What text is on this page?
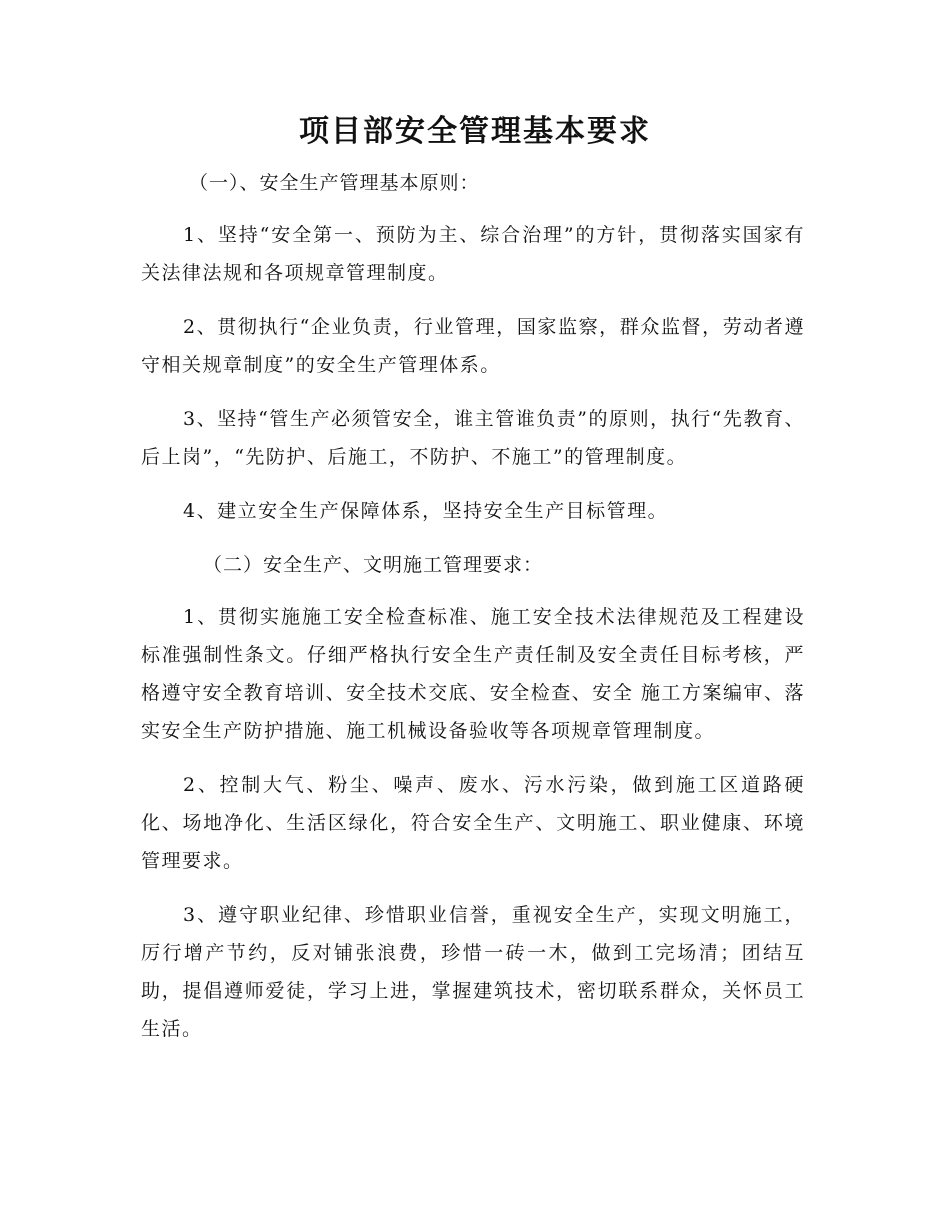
项目部安全管理基本要求

（一）、安全生产管理基本原则：

1、坚持“安全第一、预防为主、综合治理”的方针，贯彻落实国家有关法律法规和各项规章管理制度。

2、贯彻执行“企业负责，行业管理，国家监察，群众监督，劳动者遵守相关规章制度”的安全生产管理体系。

3、坚持“管生产必须管安全，谁主管谁负责”的原则，执行“先教育、后上岗”，“先防护、后施工，不防护、不施工”的管理制度。

4、建立安全生产保障体系，坚持安全生产目标管理。

（二）安全生产、文明施工管理要求：

1、贯彻实施施工安全检查标准、施工安全技术法律规范及工程建设标准强制性条文。仔细严格执行安全生产责任制及安全责任目标考核，严格遵守安全教育培训、安全技术交底、安全检查、安全 施工方案编审、落实安全生产防护措施、施工机械设备验收等各项规章管理制度。

2、控制大气、粉尘、噪声、废水、污水污染，做到施工区道路硬化、场地净化、生活区绿化，符合安全生产、文明施工、职业健康、环境管理要求。

3、遵守职业纪律、珍惜职业信誉，重视安全生产，实现文明施工，厉行增产节约，反对铺张浪费，珍惜一砖一木，做到工完场清；团结互助，提倡遵师爱徒，学习上进，掌握建筑技术，密切联系群众，关怀员工生活。
